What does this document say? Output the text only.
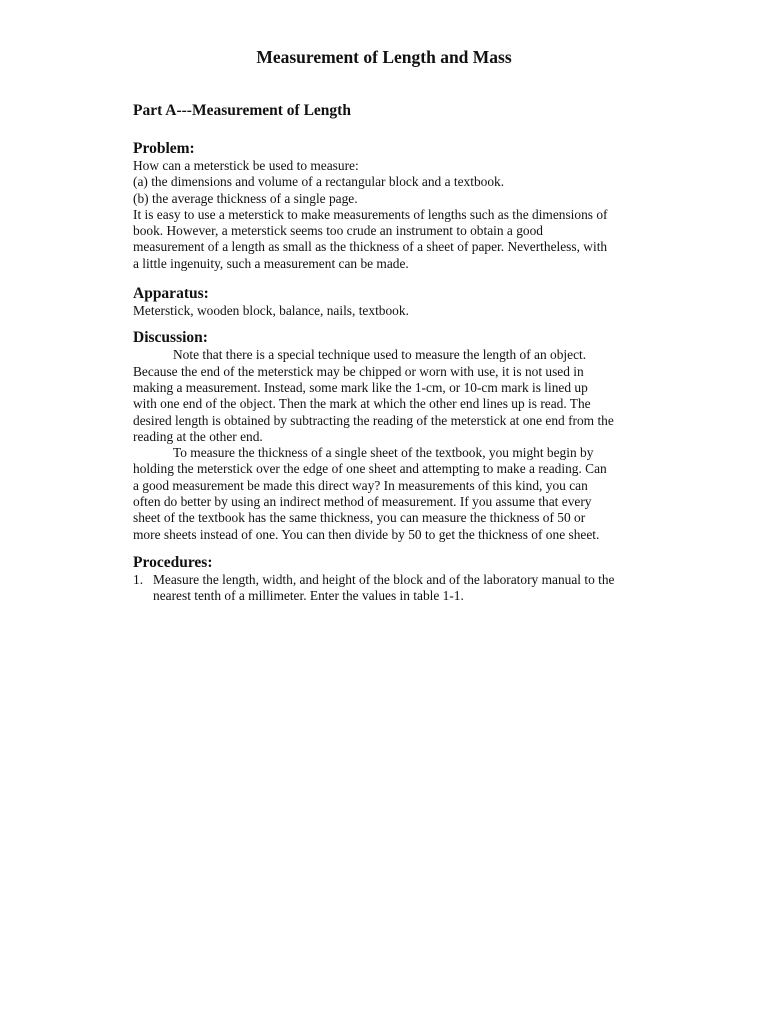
Measurement of Length and Mass
Part A---Measurement of Length
Problem:
How can a meterstick be used to measure:
(a) the dimensions and volume of a rectangular block and a textbook.
(b) the average thickness of a single page.
It is easy to use a meterstick to make measurements of lengths such as the dimensions of
book. However, a meterstick seems too crude an instrument to obtain a good
measurement of a length as small as the thickness of a sheet of paper. Nevertheless, with
a little ingenuity, such a measurement can be made.
Apparatus:
Meterstick, wooden block, balance, nails, textbook.
Discussion:
Note that there is a special technique used to measure the length of an object.
Because the end of the meterstick may be chipped or worn with use, it is not used in
making a measurement. Instead, some mark like the 1-cm, or 10-cm mark is lined up
with one end of the object. Then the mark at which the other end lines up is read. The
desired length is obtained by subtracting the reading of the meterstick at one end from the
reading at the other end.
To measure the thickness of a single sheet of the textbook, you might begin by
holding the meterstick over the edge of one sheet and attempting to make a reading. Can
a good measurement be made this direct way? In measurements of this kind, you can
often do better by using an indirect method of measurement. If you assume that every
sheet of the textbook has the same thickness, you can measure the thickness of 50 or
more sheets instead of one. You can then divide by 50 to get the thickness of one sheet.
Procedures:
1. Measure the length, width, and height of the block and of the laboratory manual to the
nearest tenth of a millimeter. Enter the values in table 1-1.
